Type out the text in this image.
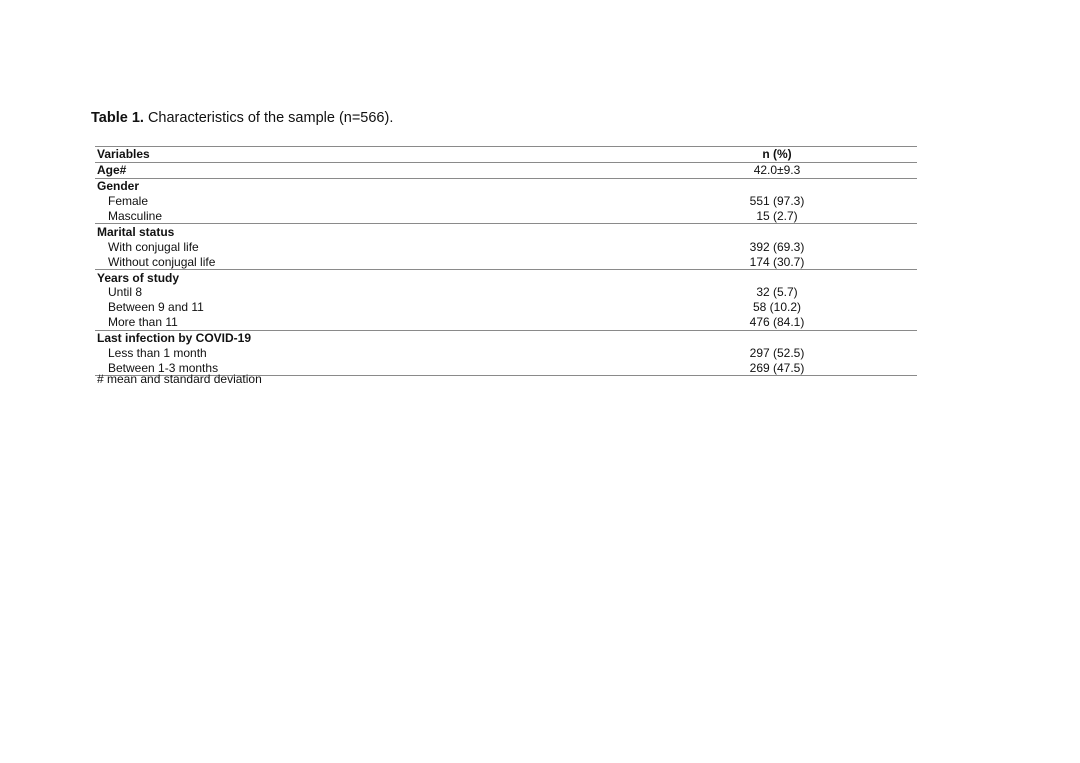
Table 1. Characteristics of the sample (n=566).
Variables	n (%)
Age#	42.0±9.3
Gender	
Female	551 (97.3)
Masculine	15 (2.7)
Marital status	
With conjugal life	392 (69.3)
Without conjugal life	174 (30.7)
Years of study	
Until 8	32 (5.7)
Between 9 and 11	58 (10.2)
More than 11	476 (84.1)
Last infection by COVID-19	
Less than 1 month	297 (52.5)
Between 1-3 months	269 (47.5)
# mean and standard deviation
